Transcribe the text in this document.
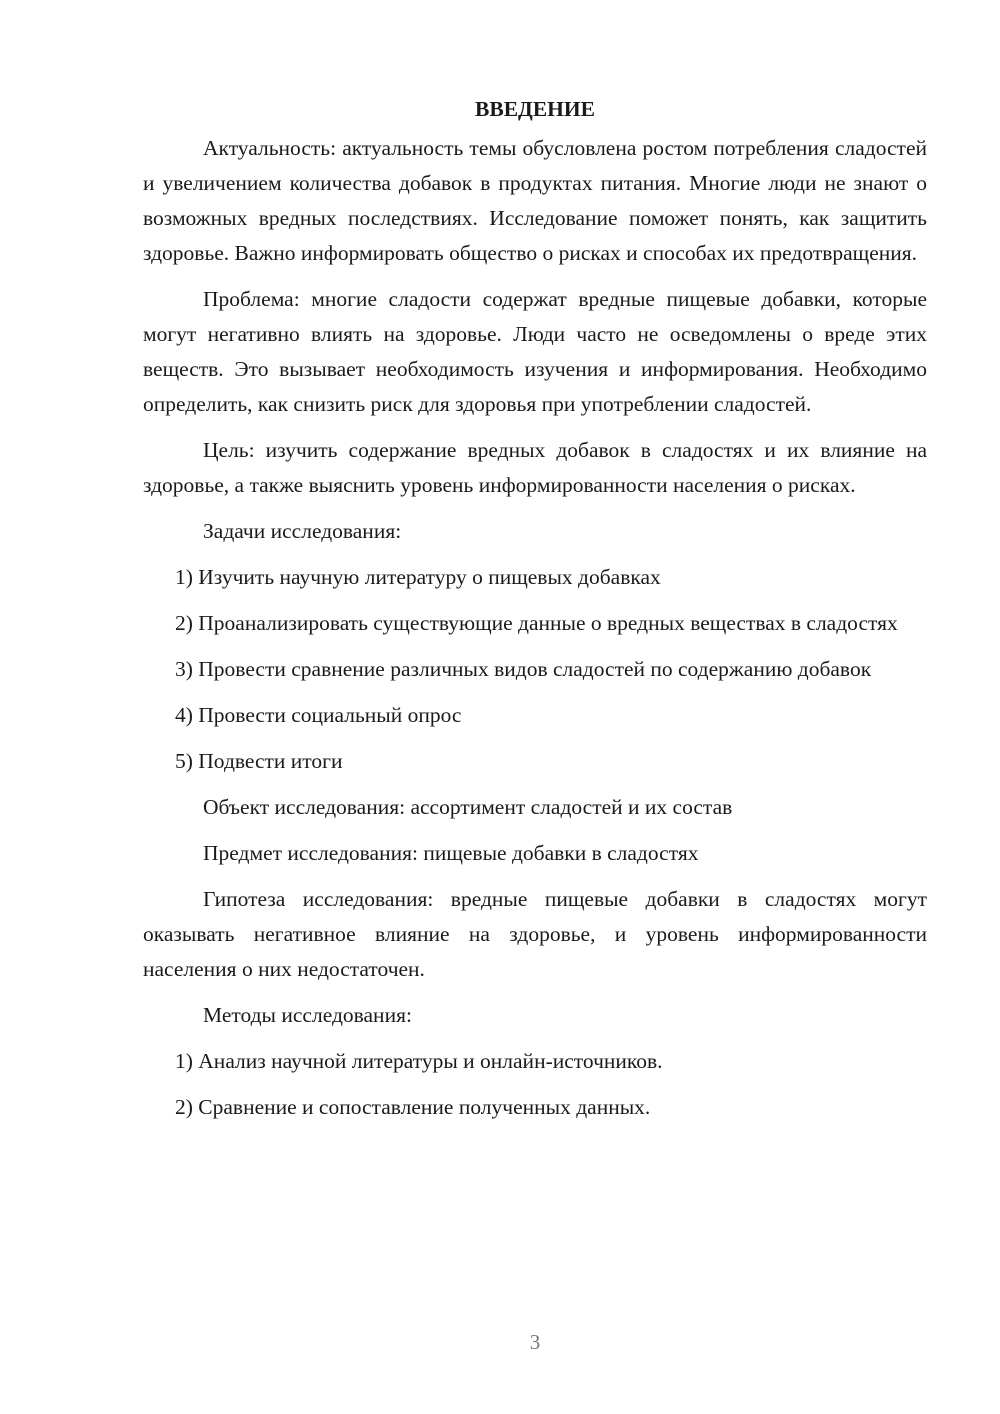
ВВЕДЕНИЕ

Актуальность: актуальность темы обусловлена ростом потребления сладостей и увеличением количества добавок в продуктах питания. Многие люди не знают о возможных вредных последствиях. Исследование поможет понять, как защитить здоровье. Важно информировать общество о рисках и способах их предотвращения.

Проблема: многие сладости содержат вредные пищевые добавки, которые могут негативно влиять на здоровье. Люди часто не осведомлены о вреде этих веществ. Это вызывает необходимость изучения и информирования. Необходимо определить, как снизить риск для здоровья при употреблении сладостей.

Цель: изучить содержание вредных добавок в сладостях и их влияние на здоровье, а также выяснить уровень информированности населения о рисках.

Задачи исследования:

1) Изучить научную литературу о пищевых добавках

2) Проанализировать существующие данные о вредных веществах в сладостях

3) Провести сравнение различных видов сладостей по содержанию добавок

4) Провести социальный опрос

5) Подвести итоги

Объект исследования: ассортимент сладостей и их состав

Предмет исследования: пищевые добавки в сладостях

Гипотеза исследования: вредные пищевые добавки в сладостях могут оказывать негативное влияние на здоровье, и уровень информированности населения о них недостаточен.

Методы исследования:

1) Анализ научной литературы и онлайн-источников.

2) Сравнение и сопоставление полученных данных.

3
